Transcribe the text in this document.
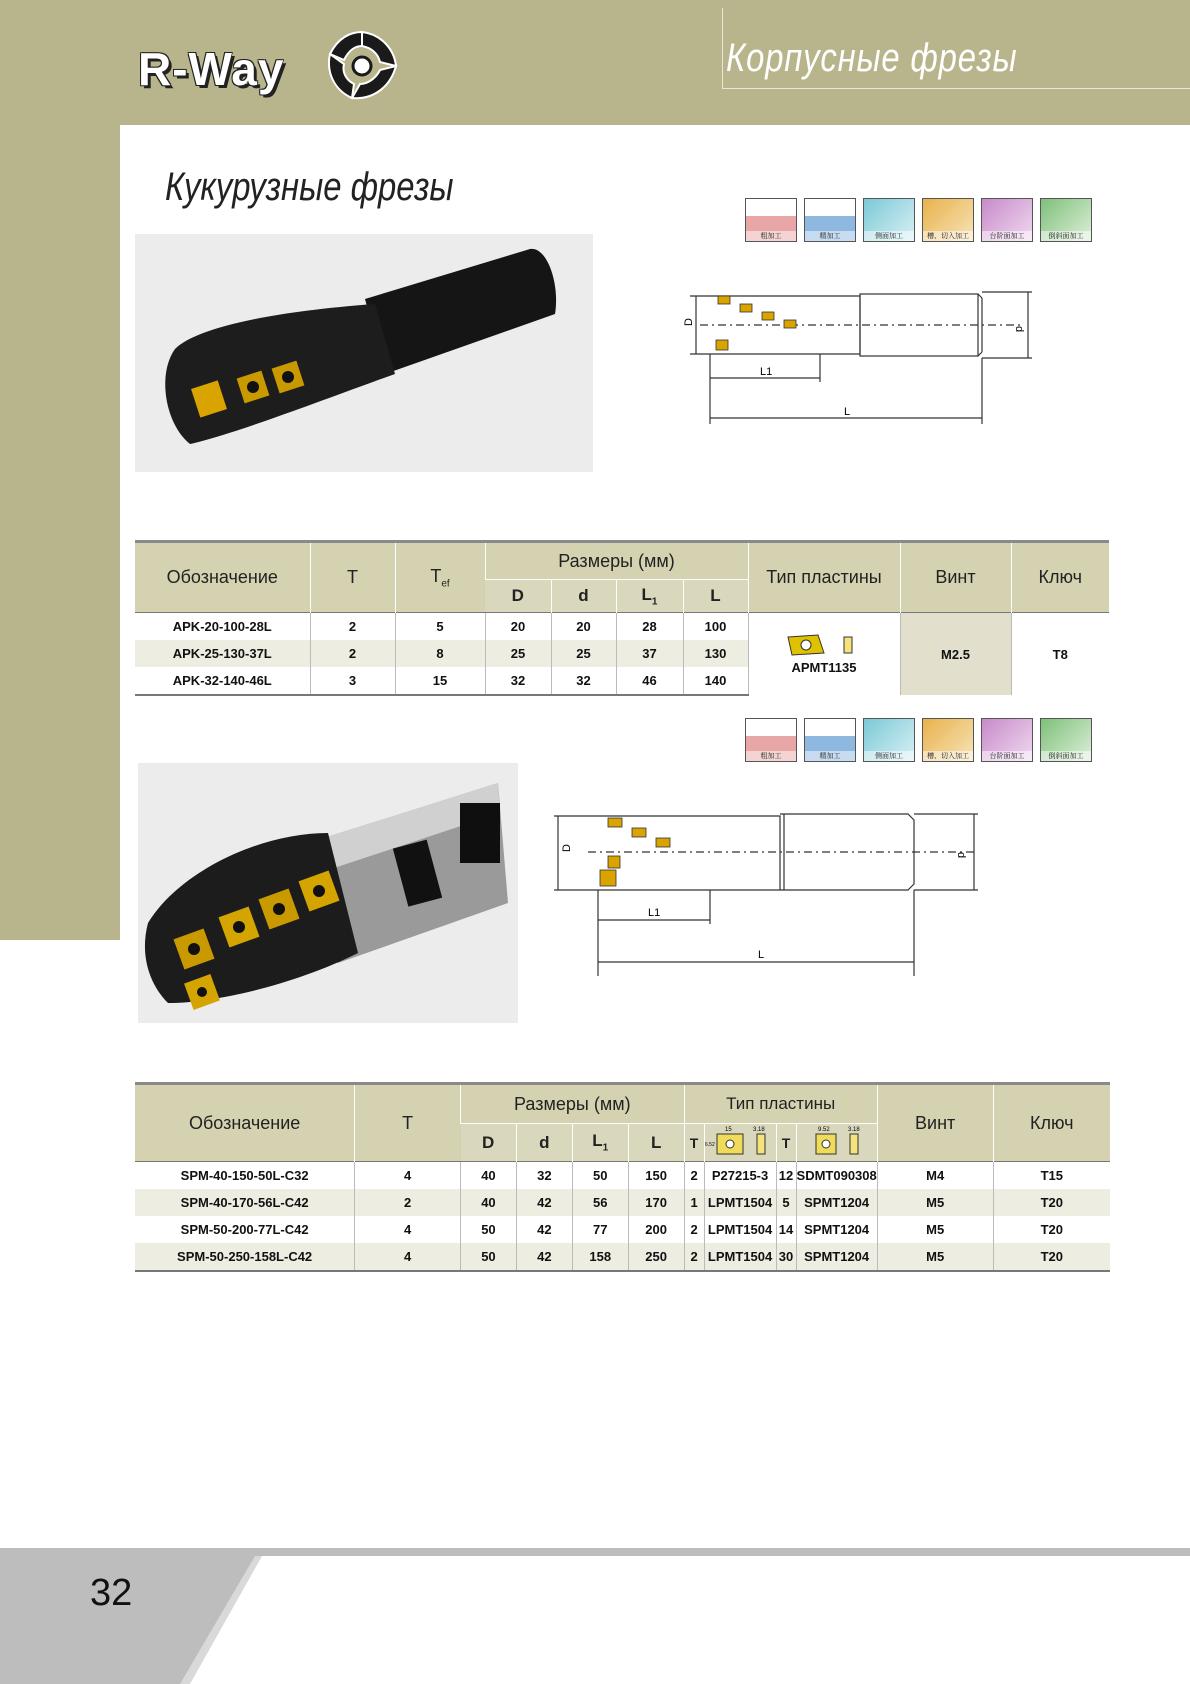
R-Way	Корпусные фрезы
Кукурузные фрезы
粗加工	精加工	侧面加工	槽、切入加工	台阶面加工	倒斜面加工
D
d
L1
L
Обозначение	T	$T_{ef}$	Размеры (мм)				Тип пластины	Винт	Ключ
			D	d	$L_1$	L			
APK-20-100-28L	2	5	20	20	28	100	APMT1135	M2.5	T8
APK-25-130-37L	2	8	25	25	37	130			
APK-32-140-46L	3	15	32	32	46	140			
粗加工	精加工	侧面加工	槽、切入加工	台阶面加工	倒斜面加工
D
d
L1
L
Обозначение	T	Размеры (мм)				Тип пластины				Винт	Ключ
		D	d	$L_1$	L	T	15 3.18
6.52	T	9.52 3.18		

SPM-40-150-50L-C32	4	40	32	50	150	2	P27215-3	12	SDMT090308	M4	T15
SPM-40-170-56L-C42	2	40	42	56	170	1	LPMT1504	5	SPMT1204	M5	T20
SPM-50-200-77L-C42	4	50	42	77	200	2	LPMT1504	14	SPMT1204	M5	T20
SPM-50-250-158L-C42	4	50	42	158	250	2	LPMT1504	30	SPMT1204	M5	T20
32
